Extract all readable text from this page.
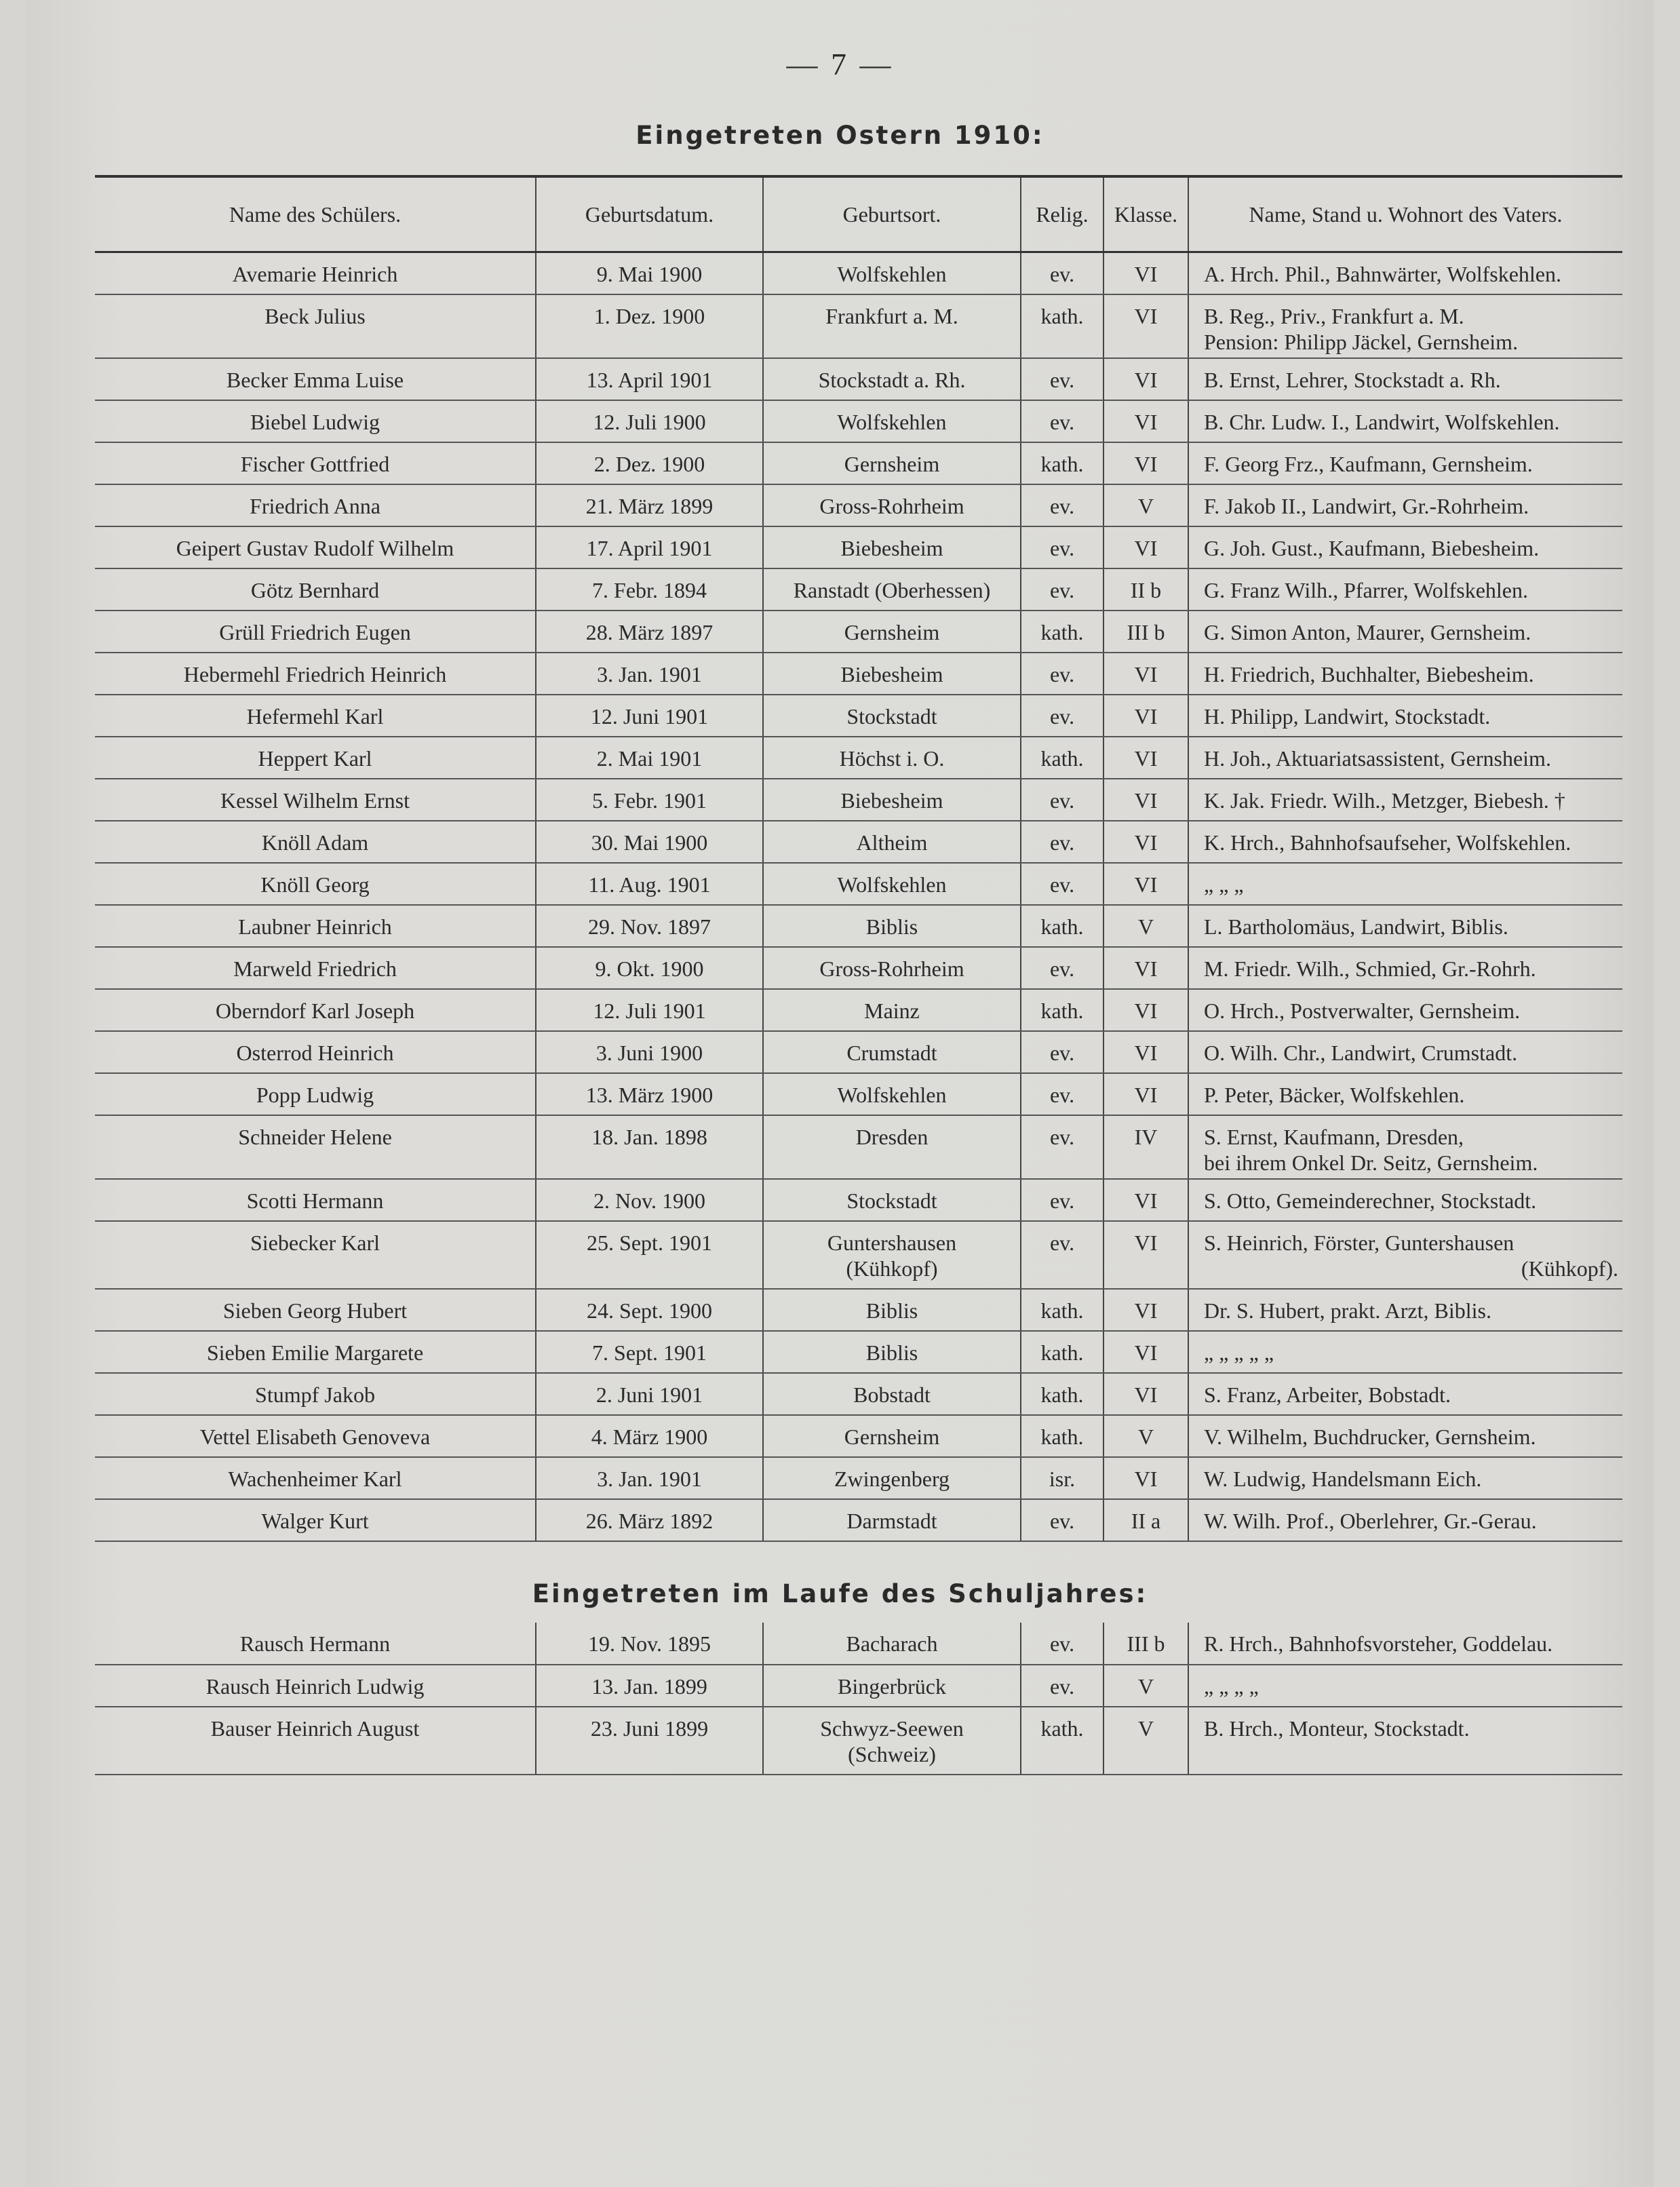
— 7 —
Eingetreten Ostern 1910:
Name des Schülers.	Geburtsdatum.	Geburtsort.	Relig.	Klasse.	Name, Stand u. Wohnort des Vaters.

Avemarie Heinrich	9. Mai 1900	Wolfskehlen	ev.	VI	A. Hrch. Phil., Bahnwärter, Wolfskehlen.

Beck Julius	1. Dez. 1900	Frankfurt a. M.	kath.	VI	B. Reg., Priv., Frankfurt a. M.
Pension: Philipp Jäckel, Gernsheim.

Becker Emma Luise	13. April 1901	Stockstadt a. Rh.	ev.	VI	B. Ernst, Lehrer, Stockstadt a. Rh.

Biebel Ludwig	12. Juli 1900	Wolfskehlen	ev.	VI	B. Chr. Ludw. I., Landwirt, Wolfskehlen.

Fischer Gottfried	2. Dez. 1900	Gernsheim	kath.	VI	F. Georg Frz., Kaufmann, Gernsheim.

Friedrich Anna	21. März 1899	Gross-Rohrheim	ev.	V	F. Jakob II., Landwirt, Gr.-Rohrheim.

Geipert Gustav Rudolf Wilhelm	17. April 1901	Biebesheim	ev.	VI	G. Joh. Gust., Kaufmann, Biebesheim.

Götz Bernhard	7. Febr. 1894	Ranstadt (Oberhessen)	ev.	II b	G. Franz Wilh., Pfarrer, Wolfskehlen.

Grüll Friedrich Eugen	28. März 1897	Gernsheim	kath.	III b	G. Simon Anton, Maurer, Gernsheim.

Hebermehl Friedrich Heinrich	3. Jan. 1901	Biebesheim	ev.	VI	H. Friedrich, Buchhalter, Biebesheim.

Hefermehl Karl	12. Juni 1901	Stockstadt	ev.	VI	H. Philipp, Landwirt, Stockstadt.

Heppert Karl	2. Mai 1901	Höchst i. O.	kath.	VI	H. Joh., Aktuariatsassistent, Gernsheim.

Kessel Wilhelm Ernst	5. Febr. 1901	Biebesheim	ev.	VI	K. Jak. Friedr. Wilh., Metzger, Biebesh. †

Knöll Adam	30. Mai 1900	Altheim	ev.	VI	K. Hrch., Bahnhofsaufseher, Wolfskehlen.

Knöll Georg	11. Aug. 1901	Wolfskehlen	ev.	VI	„ „ „

Laubner Heinrich	29. Nov. 1897	Biblis	kath.	V	L. Bartholomäus, Landwirt, Biblis.

Marweld Friedrich	9. Okt. 1900	Gross-Rohrheim	ev.	VI	M. Friedr. Wilh., Schmied, Gr.-Rohrh.

Oberndorf Karl Joseph	12. Juli 1901	Mainz	kath.	VI	O. Hrch., Postverwalter, Gernsheim.

Osterrod Heinrich	3. Juni 1900	Crumstadt	ev.	VI	O. Wilh. Chr., Landwirt, Crumstadt.

Popp Ludwig	13. März 1900	Wolfskehlen	ev.	VI	P. Peter, Bäcker, Wolfskehlen.

Schneider Helene	18. Jan. 1898	Dresden	ev.	IV	S. Ernst, Kaufmann, Dresden,
bei ihrem Onkel Dr. Seitz, Gernsheim.

Scotti Hermann	2. Nov. 1900	Stockstadt	ev.	VI	S. Otto, Gemeinderechner, Stockstadt.

Siebecker Karl	25. Sept. 1901	Guntershausen
(Kühkopf)	ev.	VI	S. Heinrich, Förster, Guntershausen
(Kühkopf).

Sieben Georg Hubert	24. Sept. 1900	Biblis	kath.	VI	Dr. S. Hubert, prakt. Arzt, Biblis.

Sieben Emilie Margarete	7. Sept. 1901	Biblis	kath.	VI	„ „ „ „ „

Stumpf Jakob	2. Juni 1901	Bobstadt	kath.	VI	S. Franz, Arbeiter, Bobstadt.

Vettel Elisabeth Genoveva	4. März 1900	Gernsheim	kath.	V	V. Wilhelm, Buchdrucker, Gernsheim.

Wachenheimer Karl	3. Jan. 1901	Zwingenberg	isr.	VI	W. Ludwig, Handelsmann Eich.

Walger Kurt	26. März 1892	Darmstadt	ev.	II a	W. Wilh. Prof., Oberlehrer, Gr.-Gerau.
Eingetreten im Laufe des Schuljahres:
Rausch Hermann	19. Nov. 1895	Bacharach	ev.	III b	R. Hrch., Bahnhofsvorsteher, Goddelau.

Rausch Heinrich Ludwig	13. Jan. 1899	Bingerbrück	ev.	V	„ „ „ „

Bauser Heinrich August	23. Juni 1899	Schwyz-Seewen
(Schweiz)	kath.	V	B. Hrch., Monteur, Stockstadt.
